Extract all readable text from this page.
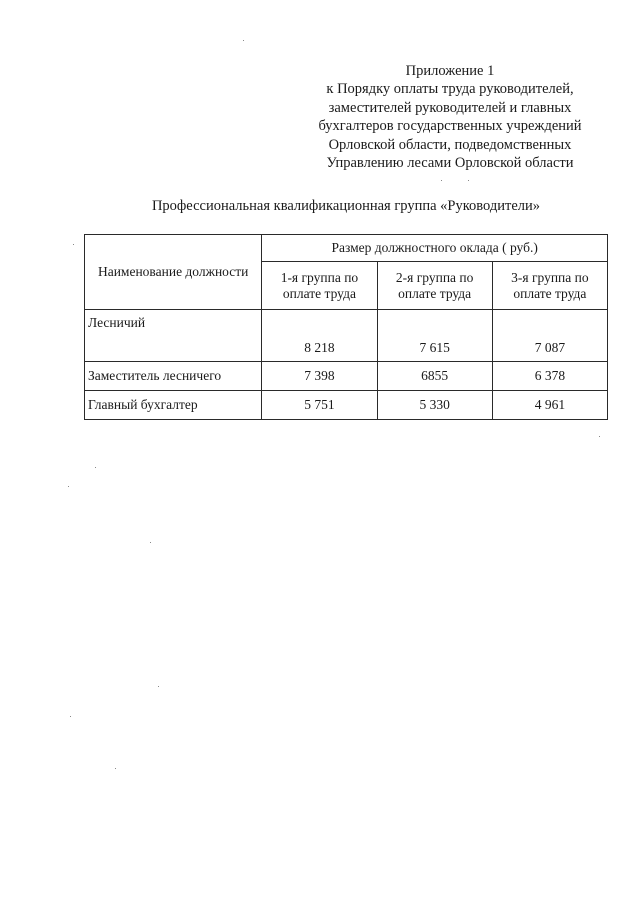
Приложение 1
к Порядку оплаты труда руководителей,
заместителей руководителей и главных
бухгалтеров государственных учреждений
Орловской области, подведомственных
Управлению лесами Орловской области
Профессиональная квалификационная группа «Руководители»
Наименование должности	Размер должностного оклада ( руб.)		
	1-я группа по оплате труда	2-я группа по оплате труда	3-я группа по оплате труда
Лесничий	8 218	7 615	7 087
Заместитель лесничего	7 398	6855	6 378
Главный бухгалтер	5 751	5 330	4 961
